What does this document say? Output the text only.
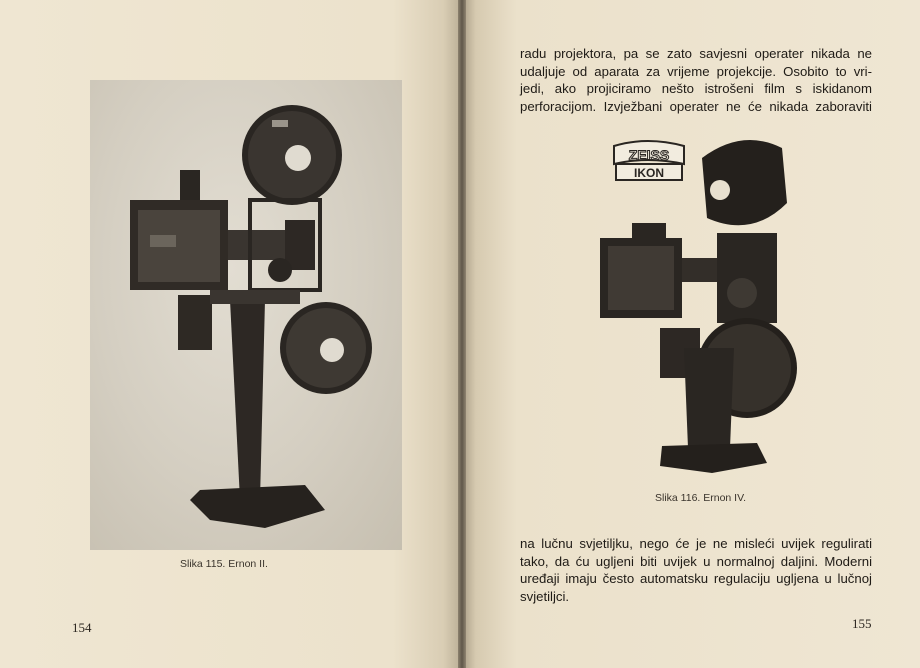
Slika 115. Ernon II.
154
radu projektora, pa se zato savjesni operater nikada ne
udaljuje od aparata za vrijeme projekcije. Osobito to vri-
jedi, ako projiciramo nešto istrošeni film s iskidanom
perforacijom. Izvježbani operater ne će nikada zaboraviti
ZEISS
IKON
Slika 116. Ernon IV.
na lučnu svjetiljku, nego će je ne misleći uvijek regulirati
tako, da ću ugljeni biti uvijek u normalnoj daljini. Moderni
uređaji imaju često automatsku regulaciju ugljena u lučnoj
svjetiljci.
155
